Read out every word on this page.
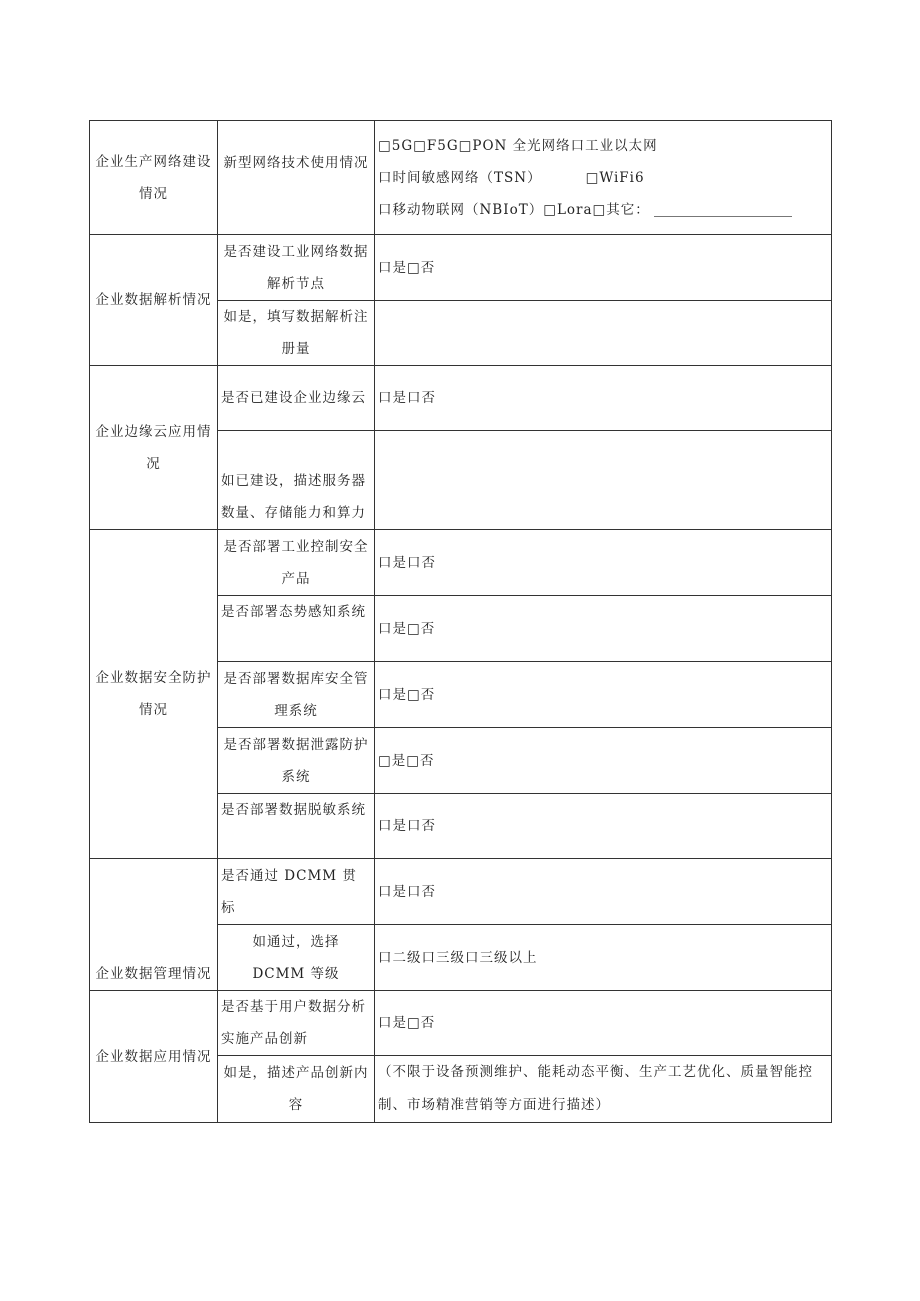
企业生产网络建设情况	新型网络技术使用情况	□5G□F5G□PON 全光网络口工业以太网
口时间敏感网络（TSN） □WiFi6
口移动物联网（NBIoT）□Lora□其它：

企业数据解析情况	是否建设工业网络数据解析节点	口是□否
	如是，填写数据解析注册量	
企业边缘云应用情况	是否已建设企业边缘云	口是口否
	如已建设，描述服务器数量、存储能力和算力	
企业数据安全防护情况	是否部署工业控制安全产品	口是口否
	是否部署态势感知系统	口是□否
	是否部署数据库安全管理系统	口是□否
	是否部署数据泄露防护系统	□是□否
	是否部署数据脱敏系统	口是口否
企业数据管理情况	是否通过 DCMM 贯标	口是口否

	如通过，选择
DCMM 等级	口二级口三级口三级以上
企业数据应用情况	是否基于用户数据分析实施产品创新	口是□否
	如是，描述产品创新内容	（不限于设备预测维护、能耗动态平衡、生产工艺优化、质量智能控制、市场精准营销等方面进行描述）
